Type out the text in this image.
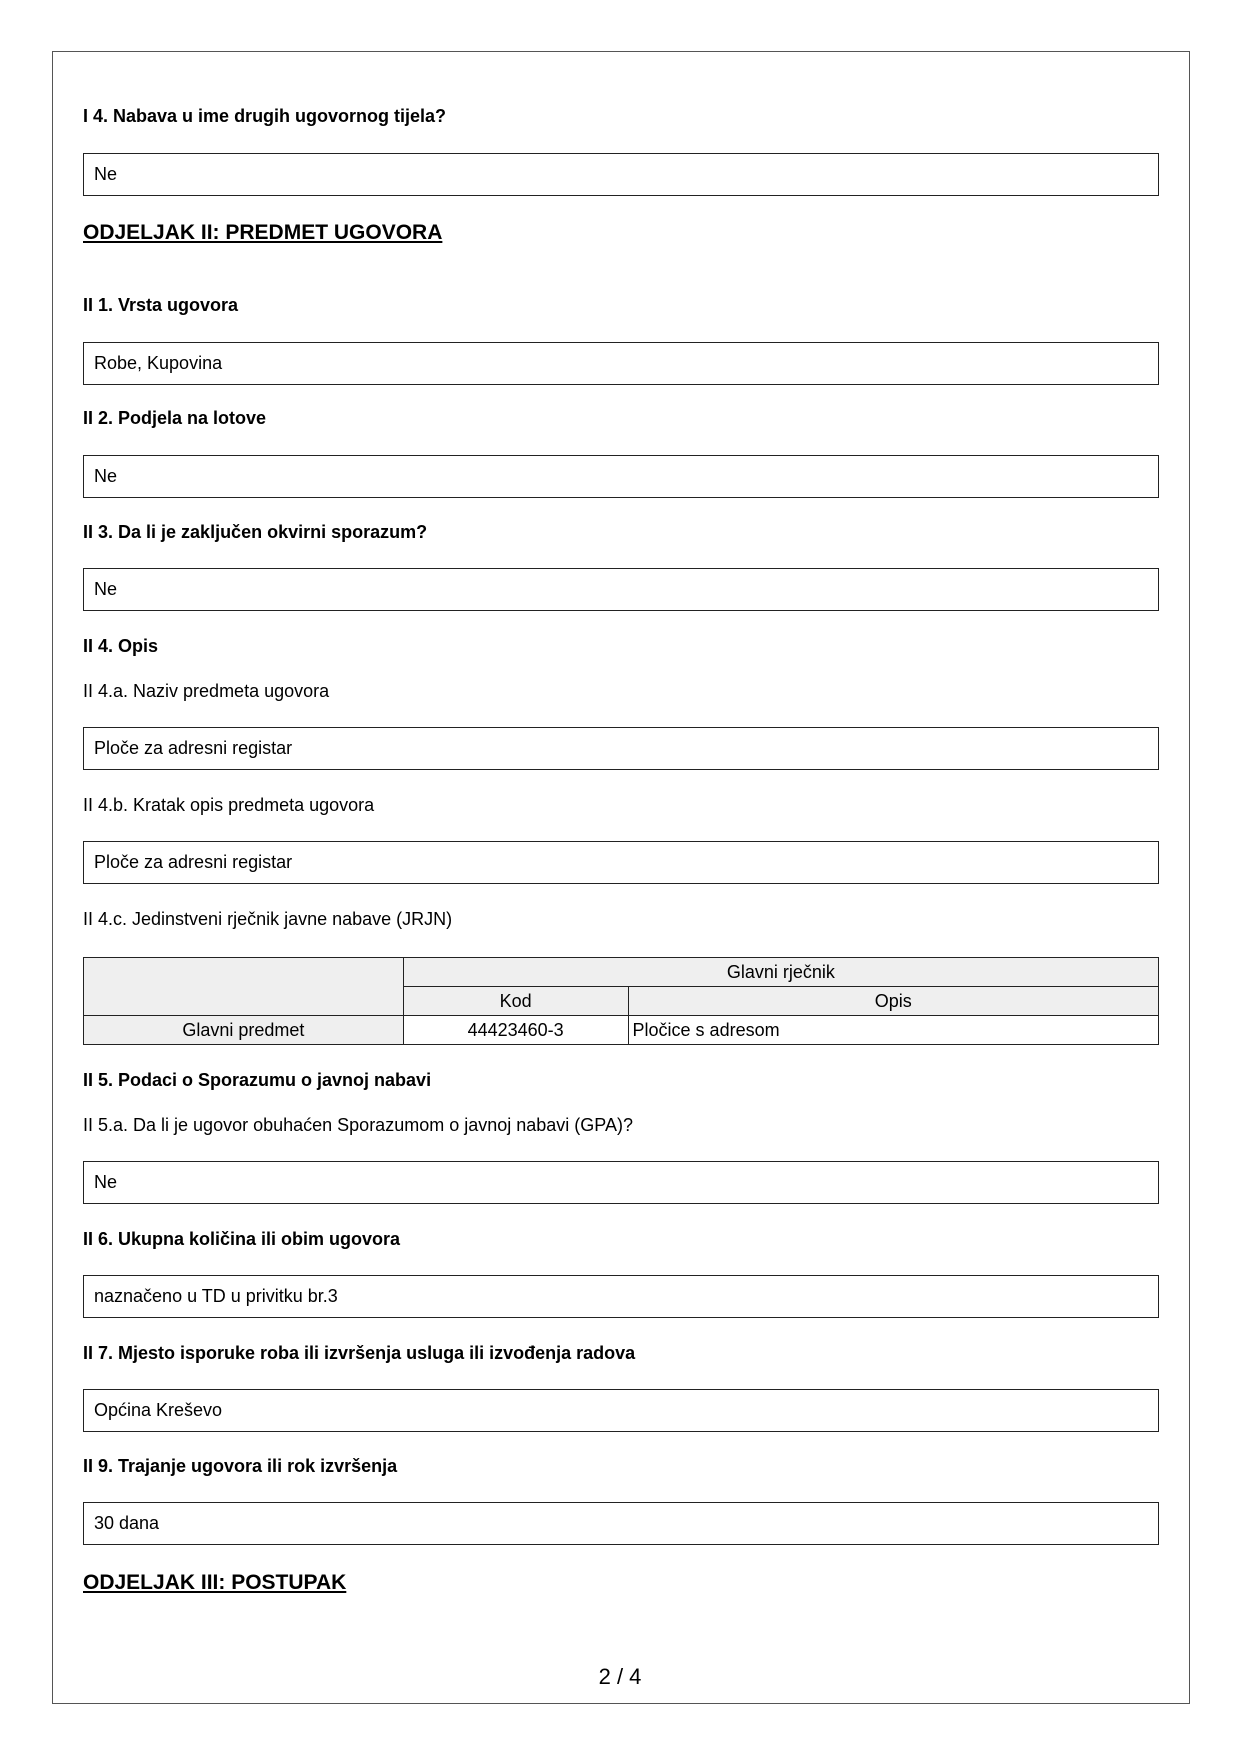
I 4. Nabava u ime drugih ugovornog tijela?
Ne
ODJELJAK II: PREDMET UGOVORA
II 1. Vrsta ugovora
Robe, Kupovina
II 2. Podjela na lotove
Ne
II 3. Da li je zaključen okvirni sporazum?
Ne
II 4. Opis
II 4.a. Naziv predmeta ugovora
Ploče za adresni registar
II 4.b. Kratak opis predmeta ugovora
Ploče za adresni registar
II 4.c. Jedinstveni rječnik javne nabave (JRJN)
	Glavni rječnik	
	Kod	Opis
Glavni predmet	44423460-3	Pločice s adresom
II 5. Podaci o Sporazumu o javnoj nabavi
II 5.a. Da li je ugovor obuhaćen Sporazumom o javnoj nabavi (GPA)?
Ne
II 6. Ukupna količina ili obim ugovora
naznačeno u TD u privitku br.3
II 7. Mjesto isporuke roba ili izvršenja usluga ili izvođenja radova
Općina Kreševo
II 9. Trajanje ugovora ili rok izvršenja
30 dana
ODJELJAK III: POSTUPAK
2 / 4
